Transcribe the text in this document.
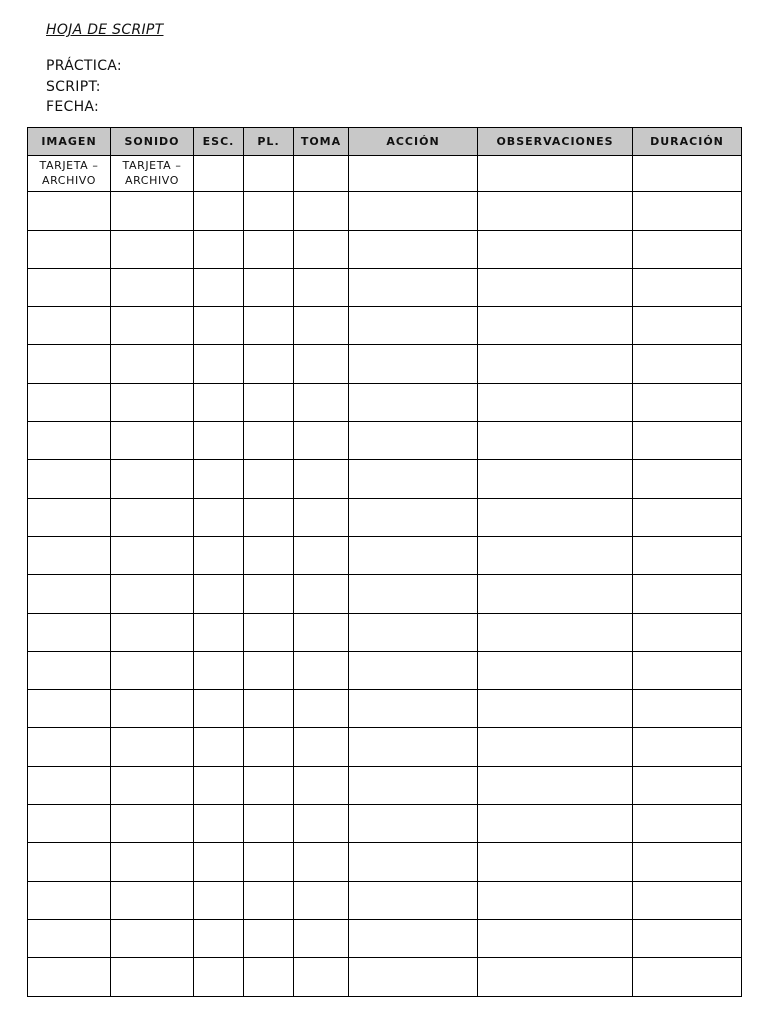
HOJA DE SCRIPT
PRÁCTICA:
SCRIPT:
FECHA:
IMAGEN	SONIDO	ESC.	PL.	TOMA	ACCIÓN	OBSERVACIONES	DURACIÓN
TARJETA – ARCHIVO	TARJETA – ARCHIVO						
